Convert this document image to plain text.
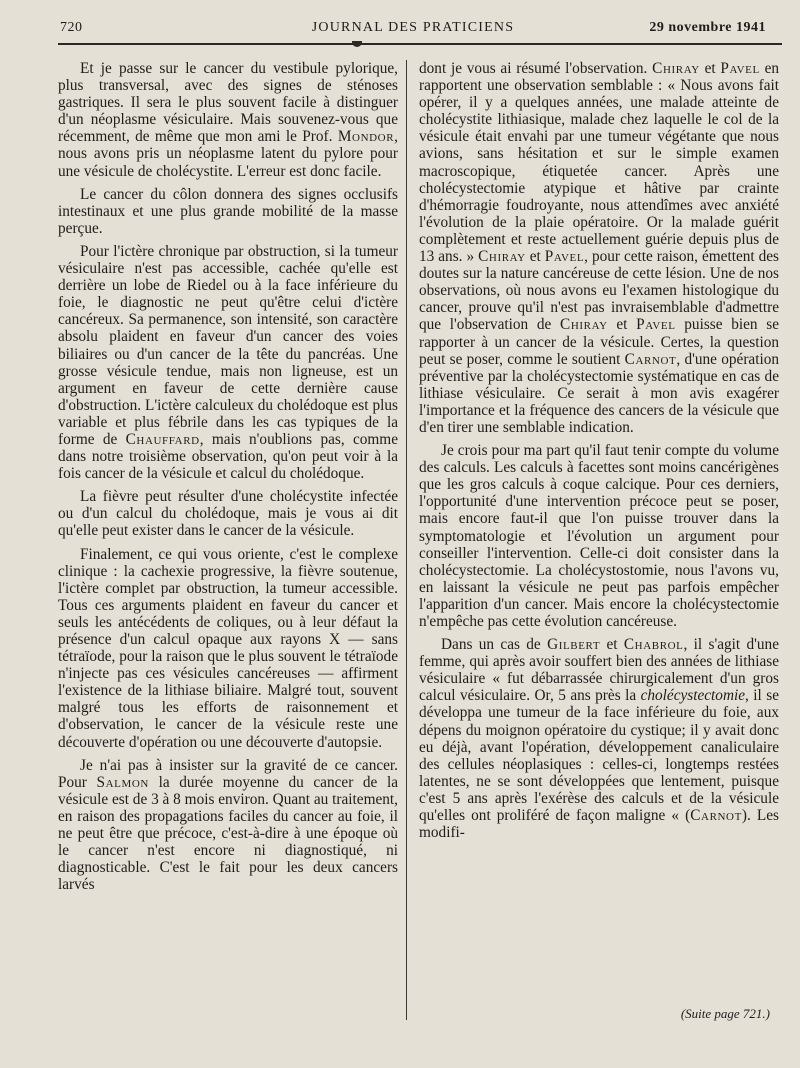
720	JOURNAL DES PRATICIENS	29 novembre 1941

Et je passe sur le cancer du vestibule pylorique, plus transversal, avec des signes de sténoses gastriques. Il sera le plus souvent facile à distinguer d'un néoplasme vésiculaire. Mais souvenez-vous que récemment, de même que mon ami le Prof. Mondor, nous avons pris un néoplasme latent du pylore pour une vésicule de cholécystite. L'erreur est donc facile.

Le cancer du côlon donnera des signes occlusifs intestinaux et une plus grande mobilité de la masse perçue.

Pour l'ictère chronique par obstruction, si la tumeur vésiculaire n'est pas accessible, cachée qu'elle est derrière un lobe de Riedel ou à la face inférieure du foie, le diagnostic ne peut qu'être celui d'ictère cancéreux. Sa permanence, son intensité, son caractère absolu plaident en faveur d'un cancer des voies biliaires ou d'un cancer de la tête du pancréas. Une grosse vésicule tendue, mais non ligneuse, est un argument en faveur de cette dernière cause d'obstruction. L'ictère calculeux du cholédoque est plus variable et plus fébrile dans les cas typiques de la forme de Chauffard, mais n'oublions pas, comme dans notre troisième observation, qu'on peut voir à la fois cancer de la vésicule et calcul du cholédoque.

La fièvre peut résulter d'une cholécystite infectée ou d'un calcul du cholédoque, mais je vous ai dit qu'elle peut exister dans le cancer de la vésicule.

Finalement, ce qui vous oriente, c'est le complexe clinique : la cachexie progressive, la fièvre soutenue, l'ictère complet par obstruction, la tumeur accessible. Tous ces arguments plaident en faveur du cancer et seuls les antécédents de coliques, ou à leur défaut la présence d'un calcul opaque aux rayons X — sans tétraïode, pour la raison que le plus souvent le tétraïode n'injecte pas ces vésicules cancéreuses — affirment l'existence de la lithiase biliaire. Malgré tout, souvent malgré tous les efforts de raisonnement et d'observation, le cancer de la vésicule reste une découverte d'opération ou une découverte d'autopsie.

Je n'ai pas à insister sur la gravité de ce cancer. Pour Salmon la durée moyenne du cancer de la vésicule est de 3 à 8 mois environ. Quant au traitement, en raison des propagations faciles du cancer au foie, il ne peut être que précoce, c'est-à-dire à une époque où le cancer n'est encore ni diagnostiqué, ni diagnosticable. C'est le fait pour les deux cancers larvés

dont je vous ai résumé l'observation. Chiray et Pavel en rapportent une observation semblable : « Nous avons fait opérer, il y a quelques années, une malade atteinte de cholécystite lithiasique, malade chez laquelle le col de la vésicule était envahi par une tumeur végétante que nous avions, sans hésitation et sur le simple examen macroscopique, étiquetée cancer. Après une cholécystectomie atypique et hâtive par crainte d'hémorragie foudroyante, nous attendîmes avec anxiété l'évolution de la plaie opératoire. Or la malade guérit complètement et reste actuellement guérie depuis plus de 13 ans. » Chiray et Pavel, pour cette raison, émettent des doutes sur la nature cancéreuse de cette lésion. Une de nos observations, où nous avons eu l'examen histologique du cancer, prouve qu'il n'est pas invraisemblable d'admettre que l'observation de Chiray et Pavel puisse bien se rapporter à un cancer de la vésicule. Certes, la question peut se poser, comme le soutient Carnot, d'une opération préventive par la cholécystectomie systématique en cas de lithiase vésiculaire. Ce serait à mon avis exagérer l'importance et la fréquence des cancers de la vésicule que d'en tirer une semblable indication.

Je crois pour ma part qu'il faut tenir compte du volume des calculs. Les calculs à facettes sont moins cancérigènes que les gros calculs à coque calcique. Pour ces derniers, l'opportunité d'une intervention précoce peut se poser, mais encore faut-il que l'on puisse trouver dans la symptomatologie et l'évolution un argument pour conseiller l'intervention. Celle-ci doit consister dans la cholécystectomie. La cholécystostomie, nous l'avons vu, en laissant la vésicule ne peut pas parfois empêcher l'apparition d'un cancer. Mais encore la cholécystectomie n'empêche pas cette évolution cancéreuse.

Dans un cas de Gilbert et Chabrol, il s'agit d'une femme, qui après avoir souffert bien des années de lithiase vésiculaire « fut débarrassée chirurgicalement d'un gros calcul vésiculaire. Or, 5 ans près la cholécystectomie, il se développa une tumeur de la face inférieure du foie, aux dépens du moignon opératoire du cystique; il y avait donc eu déjà, avant l'opération, développement canaliculaire des cellules néoplasiques : celles-ci, longtemps restées latentes, ne se sont développées que lentement, puisque c'est 5 ans après l'exérèse des calculs et de la vésicule qu'elles ont proliféré de façon maligne « (Carnot). Les modifi-

(Suite page 721.)
